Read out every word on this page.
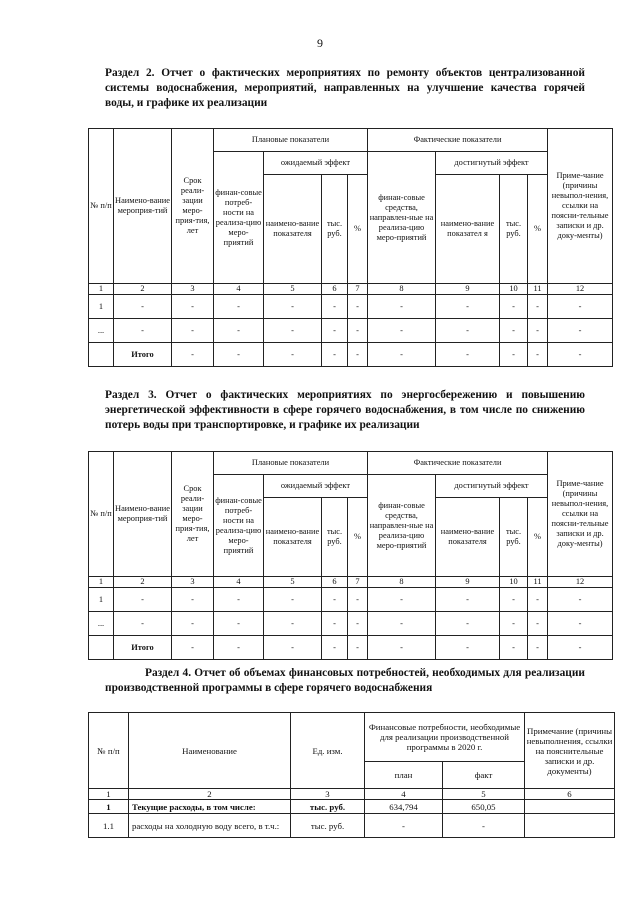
9
Раздел 2. Отчет о фактических мероприятиях по ремонту объектов централизованной системы водоснабжения, мероприятий, направленных на улучшение качества горячей воды, и графике их реализации
№ п/п	Наимено-вание мероприя-тий	Срок реали-зации меро-прия-тия, лет	Плановые показатели				Фактические показатели				Приме-чание (причины невыпол-нения, ссылки на поясни-тельные записки и др. доку-менты)
			финан-совые потреб-ности на реализа-цию меро-приятий	ожидаемый эффект			финан-совые средства, направлен-ные на реализа-цию меро-приятий	достигнутый эффект			
				наимено-вание показателя	тыс. руб.	%		наимено-вание показател я	тыс. руб.	%	
1	2	3	4	5	6	7	8	9	10	11	12
1	-	-	-	-	-	-	-	-	-	-	-
...	-	-	-	-	-	-	-	-	-	-	-
	Итого	-	-	-	-	-	-	-	-	-	-
Раздел 3. Отчет о фактических мероприятиях по энергосбережению и повышению энергетической эффективности в сфере горячего водоснабжения, в том числе по снижению потерь воды при транспортировке, и графике их реализации
№ п/п	Наимено-вание мероприя-тий	Срок реали-зации меро-прия-тия, лет	Плановые показатели				Фактические показатели				Приме-чание (причины невыпол-нения, ссылки на поясни-тельные записки и др. доку-менты)
			финан-совые потреб-ности на реализа-цию меро-приятий	ожидаемый эффект			финан-совые средства, направлен-ные на реализа-цию меро-приятий	достигнутый эффект			
				наимено-вание показателя	тыс. руб.	%		наимено-вание показателя	тыс. руб.	%	
1	2	3	4	5	6	7	8	9	10	11	12
1	-	-	-	-	-	-	-	-	-	-	-
...	-	-	-	-	-	-	-	-	-	-	-
	Итого	-	-	-	-	-	-	-	-	-	-
Раздел 4. Отчет об объемах финансовых потребностей, необходимых для реализации производственной программы в сфере горячего водоснабжения
№ п/п	Наименование	Ед. изм.	Финансовые потребности, необходимые для реализации производственной программы в 2020 г.		Примечание (причины невыполнения, ссылки на пояснительные записки и др. документы)
			план	факт	
1	2	3	4	5	6
1	Текущие расходы, в том числе:	тыс. руб.	634,794	650,05	
1.1	расходы на холодную воду всего, в т.ч.:	тыс. руб.	-	-	
